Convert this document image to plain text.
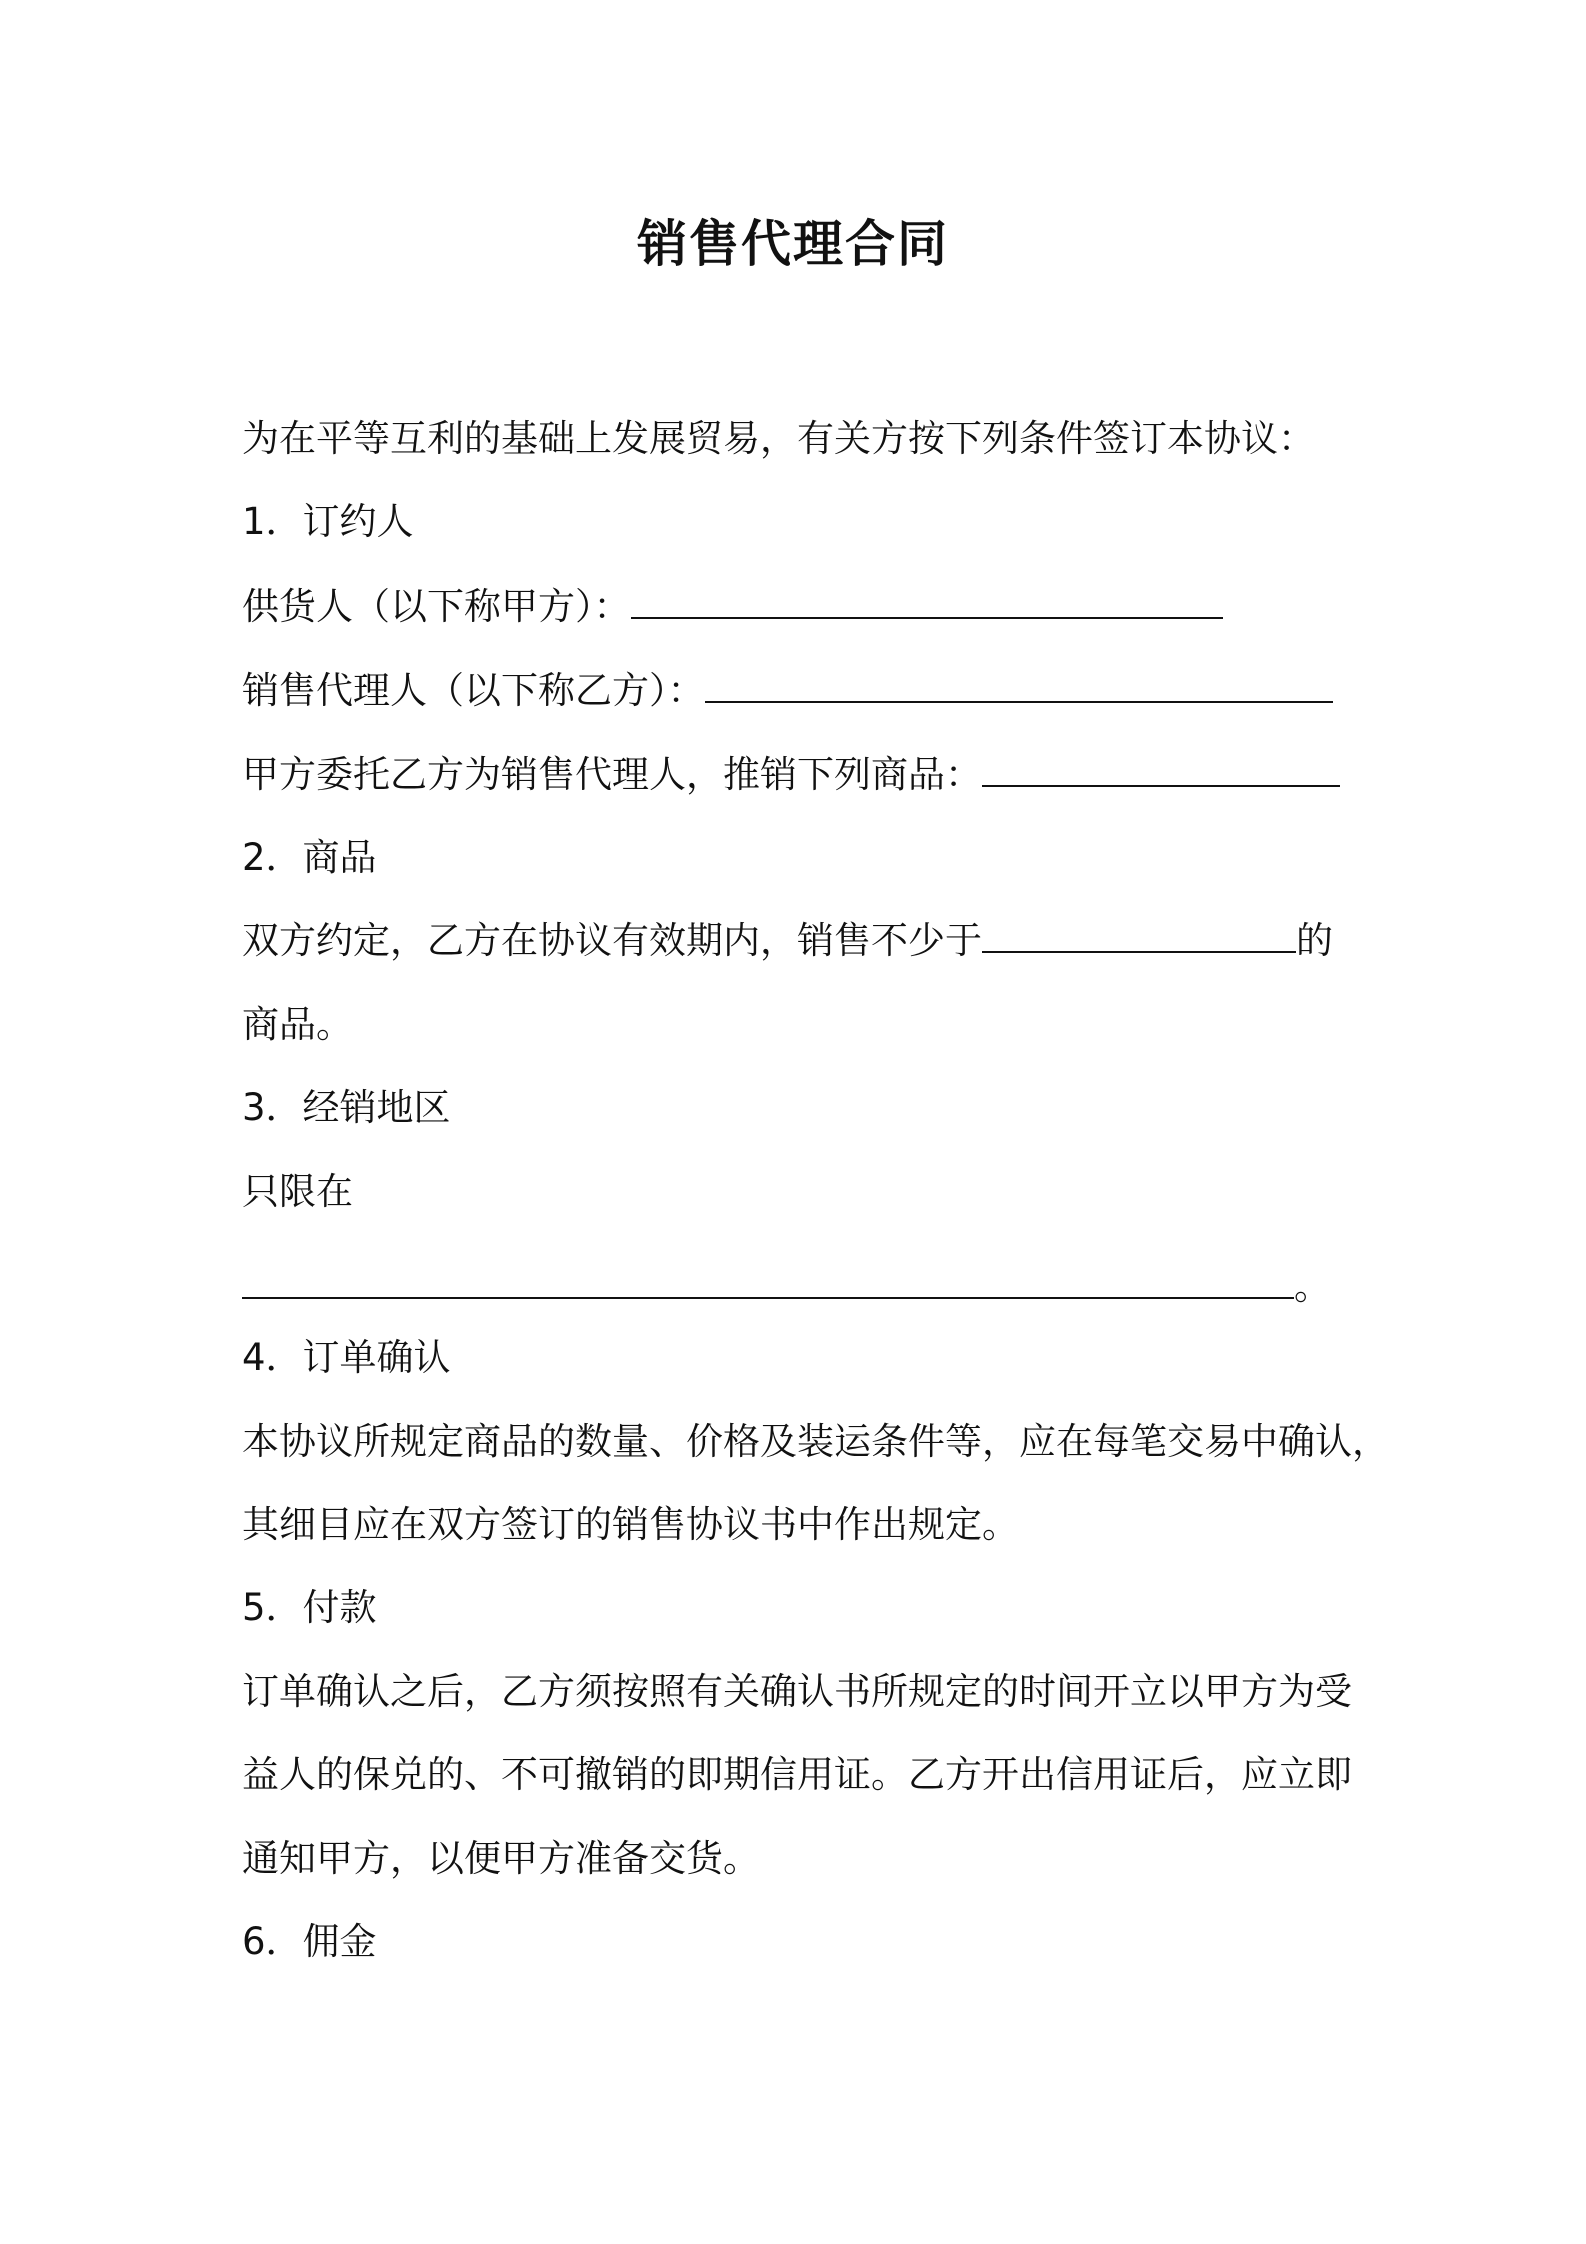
销售代理合同
为在平等互利的基础上发展贸易，有关方按下列条件签订本协议：
1．订约人
供货人（以下称甲方）：
销售代理人（以下称乙方）：
甲方委托乙方为销售代理人，推销下列商品：
2．商品
双方约定，乙方在协议有效期内，销售不少于	的
商品。
3．经销地区
只限在
。
4．订单确认
本协议所规定商品的数量、价格及装运条件等，应在每笔交易中确认，
其细目应在双方签订的销售协议书中作出规定。
5．付款
订单确认之后，乙方须按照有关确认书所规定的时间开立以甲方为受
益人的保兑的、不可撤销的即期信用证。乙方开出信用证后，应立即
通知甲方，以便甲方准备交货。
6．佣金
